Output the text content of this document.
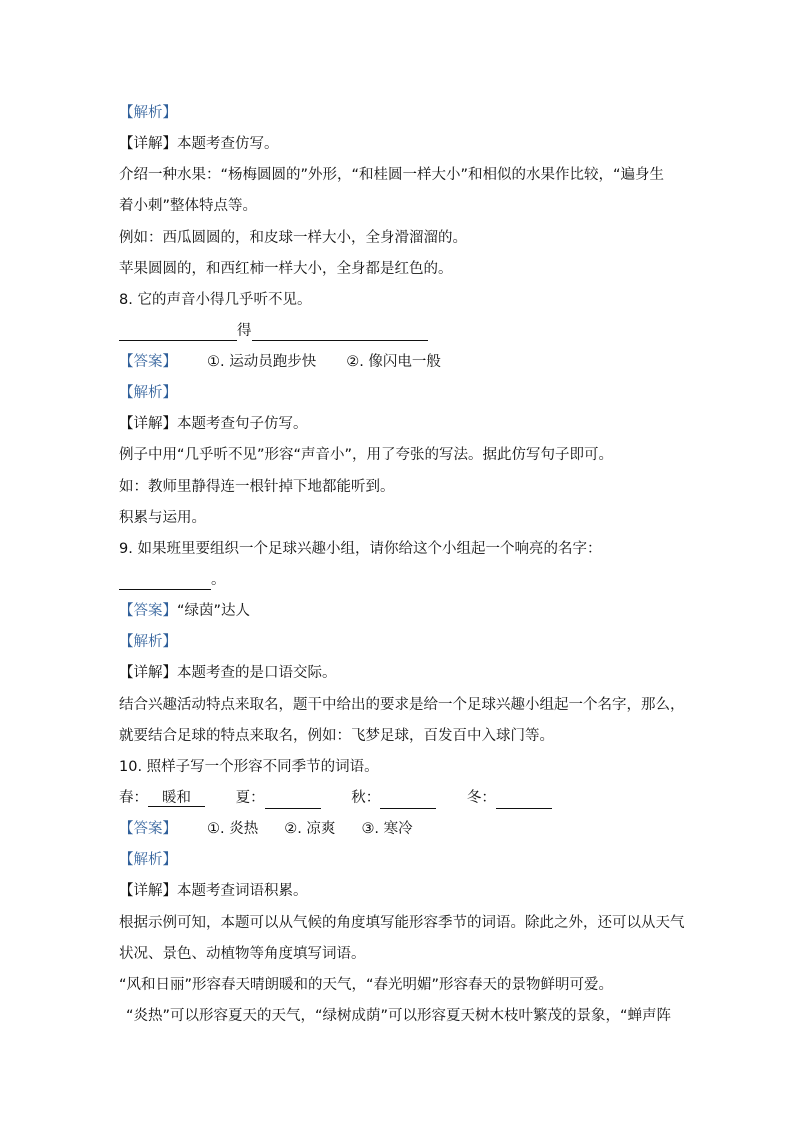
【解析】
【详解】本题考查仿写。
介绍一种水果：“杨梅圆圆的”外形，“和桂圆一样大小”和相似的水果作比较，“遍身生
着小刺”整体特点等。
例如：西瓜圆圆的，和皮球一样大小，全身滑溜溜的。
苹果圆圆的，和西红柿一样大小，全身都是红色的。
8. 它的声音小得几乎听不见。
得
【答案】 ①. 运动员跑步快 ②. 像闪电一般
【解析】
【详解】本题考查句子仿写。
例子中用“几乎听不见”形容“声音小”，用了夸张的写法。据此仿写句子即可。
如：教师里静得连一根针掉下地都能听到。
积累与运用。
9. 如果班里要组织一个足球兴趣小组，请你给这个小组起一个响亮的名字：
。
【答案】“绿茵”达人
【解析】
【详解】本题考查的是口语交际。
结合兴趣活动特点来取名，题干中给出的要求是给一个足球兴趣小组起一个名字，那么，
就要结合足球的特点来取名，例如：飞梦足球，百发百中入球门等。
10. 照样子写一个形容不同季节的词语。
春： 暖和	夏：	秋：	冬：
【答案】 ①. 炎热 ②. 凉爽 ③. 寒冷
【解析】
【详解】本题考查词语积累。
根据示例可知，本题可以从气候的角度填写能形容季节的词语。除此之外，还可以从天气
状况、景色、动植物等角度填写词语。
“风和日丽”形容春天晴朗暖和的天气，“春光明媚”形容春天的景物鲜明可爱。
“炎热”可以形容夏天的天气，“绿树成荫”可以形容夏天树木枝叶繁茂的景象，“蝉声阵
